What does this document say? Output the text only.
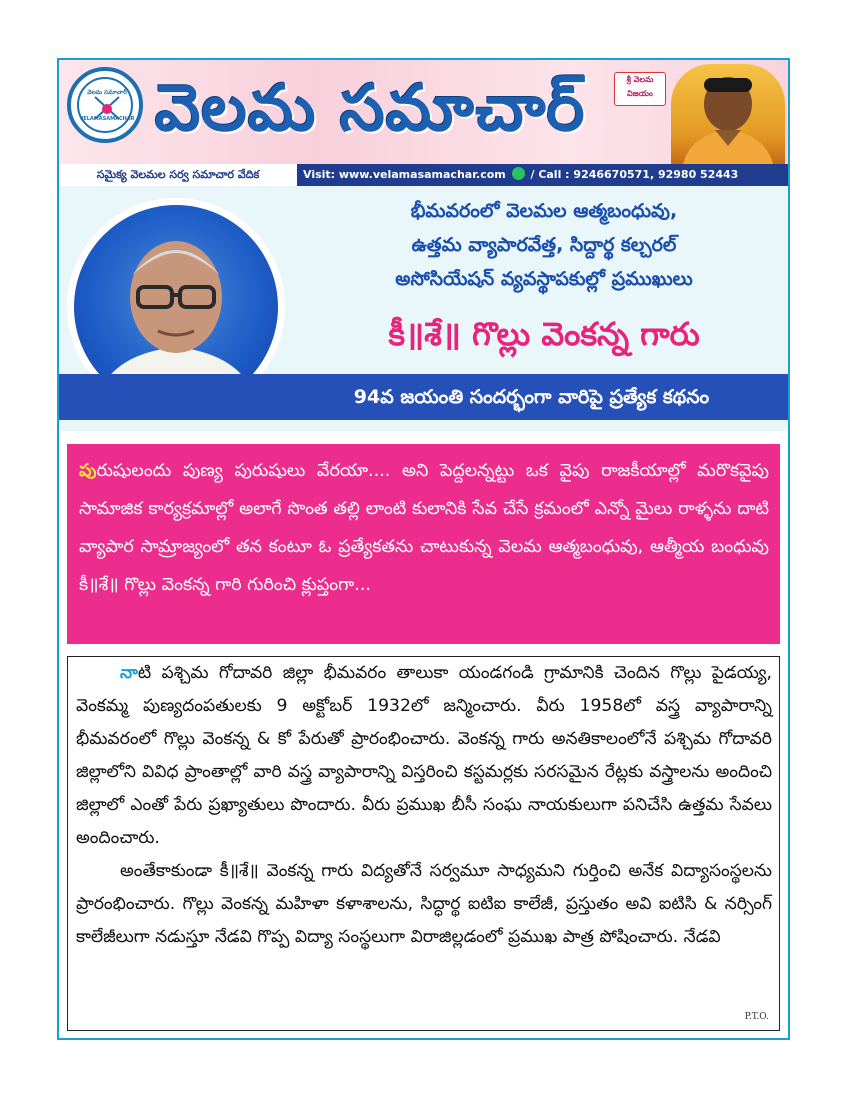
వెలమ సమాచార్
VELAMASAMACHAR వెలమ సమాచార్	శ్రీ వెలమ విజయం
సమైక్య వెలమల సర్వ సమాచార వేదిక	Visit: www.velamasamachar.com / Call : 9246670571, 92980 52443
భీమవరంలో వెలమల ఆత్మబంధువు,
ఉత్తమ వ్యాపారవేత్త, సిద్దార్థ కల్చరల్
అసోసియేషన్ వ్యవస్థాపకుల్లో ప్రముఖులు
కీ॥శే॥ గొల్లు వెంకన్న గారు
94వ జయంతి సందర్భంగా వారిపై ప్రత్యేక కథనం
పురుషులందు పుణ్య పురుషులు వేరయా.... అని పెద్దలన్నట్టు ఒక వైపు రాజకీయాల్లో మరొకవైపు సామాజిక కార్యక్రమాల్లో అలాగే సొంత తల్లి లాంటి కులానికి సేవ చేసే క్రమంలో ఎన్నో మైలు రాళ్ళను దాటి వ్యాపార సామ్రాజ్యంలో తన కంటూ ఓ ప్రత్యేకతను చాటుకున్న వెలమ ఆత్మబంధువు, ఆత్మీయ బంధువు కీ॥శే॥ గొల్లు వెంకన్న గారి గురించి క్లుప్తంగా...

నాటి పశ్చిమ గోదావరి జిల్లా భీమవరం తాలుకా యండగండి గ్రామానికి చెందిన గొల్లు పైడయ్య, వెంకమ్మ పుణ్యదంపతులకు 9 అక్టోబర్ 1932లో జన్మించారు. వీరు 1958లో వస్త్ర వ్యాపారాన్ని భీమవరంలో గొల్లు వెంకన్న & కో పేరుతో ప్రారంభించారు. వెంకన్న గారు అనతికాలంలోనే పశ్చిమ గోదావరి జిల్లాలోని వివిధ ప్రాంతాల్లో వారి వస్త్ర వ్యాపారాన్ని విస్తరించి కస్టమర్లకు సరసమైన రేట్లకు వస్త్రాలను అందించి జిల్లాలో ఎంతో పేరు ప్రఖ్యాతులు పొందారు. వీరు ప్రముఖ బీసీ సంఘ నాయకులుగా పనిచేసి ఉత్తమ సేవలు అందించారు.

అంతేకాకుండా కీ॥శే॥ వెంకన్న గారు విద్యతోనే సర్వమూ సాధ్యమని గుర్తించి అనేక విద్యాసంస్థలను ప్రారంభించారు. గొల్లు వెంకన్న మహిళా కళాశాలను, సిద్ధార్థ ఐటిఐ కాలేజీ, ప్రస్తుతం అవి ఐటిసి & నర్సింగ్ కాలేజీలుగా నడుస్తూ నేడవి గొప్ప విద్యా సంస్థలుగా విరాజిల్లడంలో ప్రముఖ పాత్ర పోషించారు. నేడవి

P.T.O.
